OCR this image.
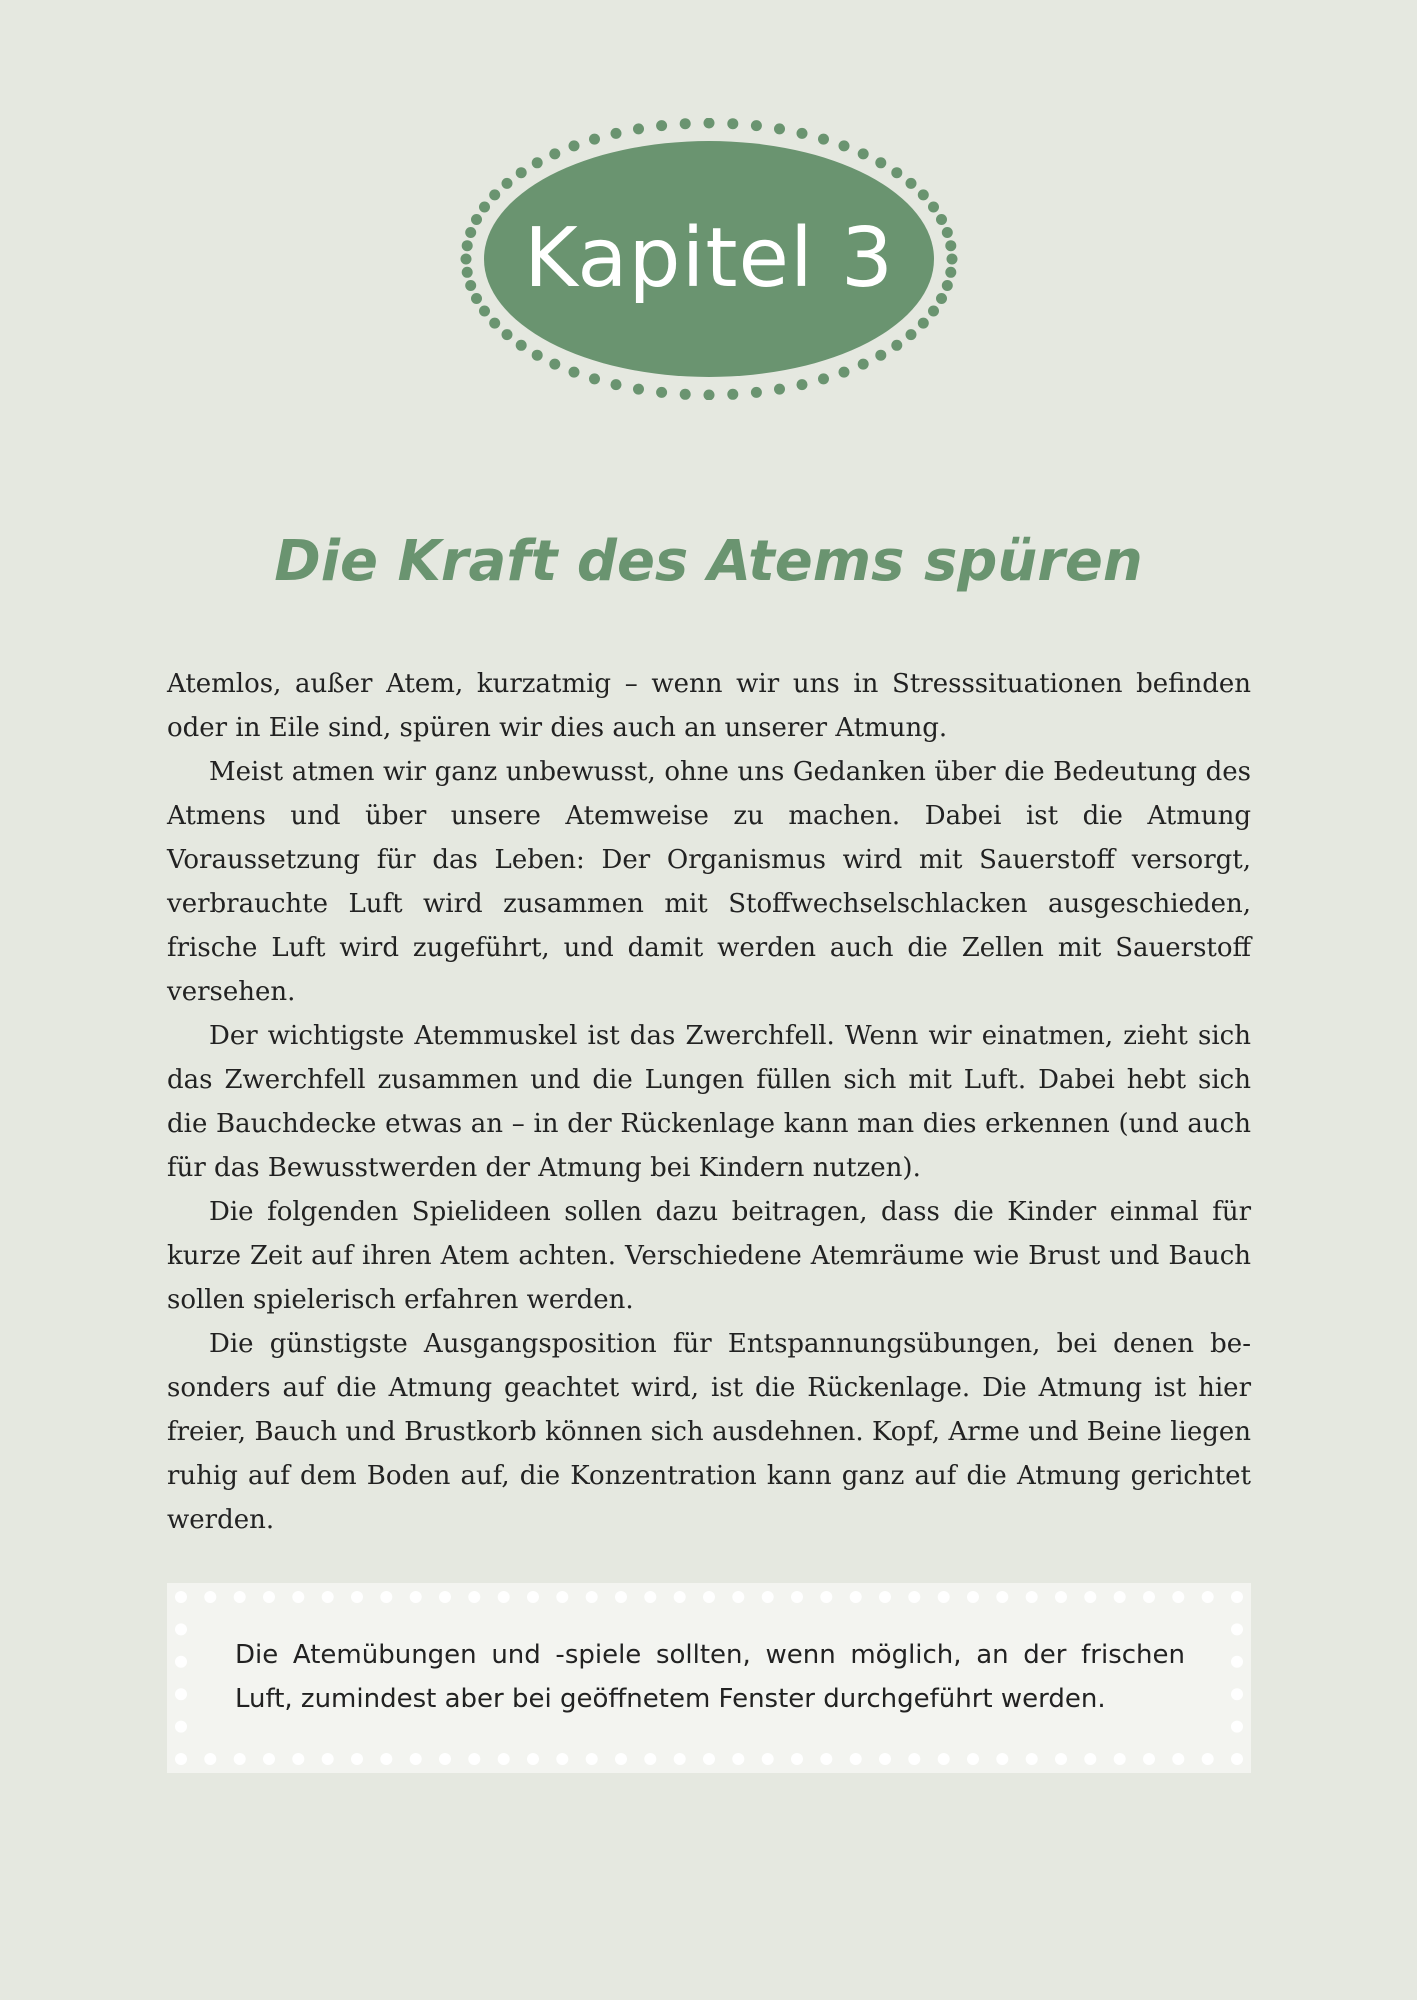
Kapitel 3
Die Kraft des Atems spüren

Atemlos, außer Atem, kurzatmig – wenn wir uns in Stresssituationen befinden oder in Eile sind, spüren wir dies auch an unserer Atmung.

Meist atmen wir ganz unbewusst, ohne uns Gedanken über die Bedeutung des Atmens und über unsere Atemweise zu machen. Dabei ist die Atmung Voraussetzung für das Leben: Der Organismus wird mit Sauerstoff versorgt, verbrauchte Luft wird zusammen mit Stoffwechselschlacken ausgeschieden, frische Luft wird zugeführt, und damit werden auch die Zellen mit Sauerstoff versehen.

Der wichtigste Atemmuskel ist das Zwerchfell. Wenn wir einatmen, zieht sich das Zwerchfell zusammen und die Lungen füllen sich mit Luft. Dabei hebt sich die Bauchdecke etwas an – in der Rückenlage kann man dies erkennen (und auch für das Bewusstwerden der Atmung bei Kindern nutzen).

Die folgenden Spielideen sollen dazu beitragen, dass die Kinder einmal für kurze Zeit auf ihren Atem achten. Verschiedene Atemräume wie Brust und Bauch sollen spielerisch erfahren werden.

Die günstigste Ausgangsposition für Entspannungsübungen, bei denen besonders auf die Atmung geachtet wird, ist die Rückenlage. Die Atmung ist hier freier, Bauch und Brustkorb können sich ausdehnen. Kopf, Arme und Beine liegen ruhig auf dem Boden auf, die Konzentration kann ganz auf die Atmung gerichtet werden.

Die Atemübungen und -spiele sollten, wenn möglich, an der frischen Luft, zumindest aber bei geöffnetem Fenster durchgeführt werden.
